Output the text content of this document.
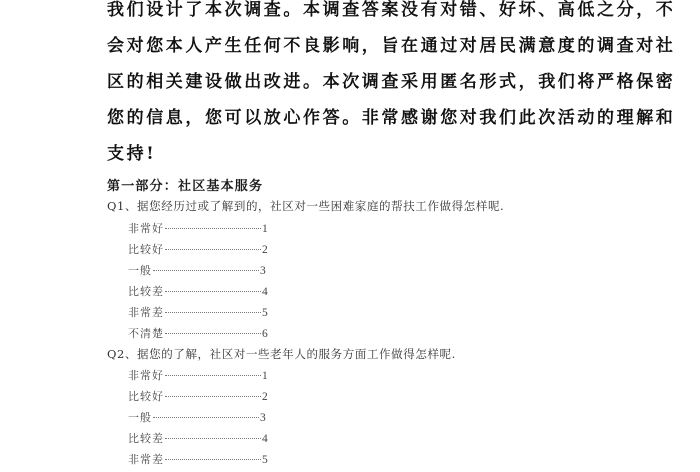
我们设计了本次调查。本调查答案没有对错、好坏、高低之分，不
会对您本人产生任何不良影响，旨在通过对居民满意度的调查对社
区的相关建设做出改进。本次调查采用匿名形式，我们将严格保密
您的信息，您可以放心作答。非常感谢您对我们此次活动的理解和
支持!
第一部分：社区基本服务

Q1、据您经历过或了解到的，社区对一些困难家庭的帮扶工作做得怎样呢.

非常好	1
比较好	2
一般	3
比较差	4
非常差	5
不清楚	6

Q2、据您的了解，社区对一些老年人的服务方面工作做得怎样呢.

非常好	1
比较好	2
一般	3
比较差	4
非常差	5
